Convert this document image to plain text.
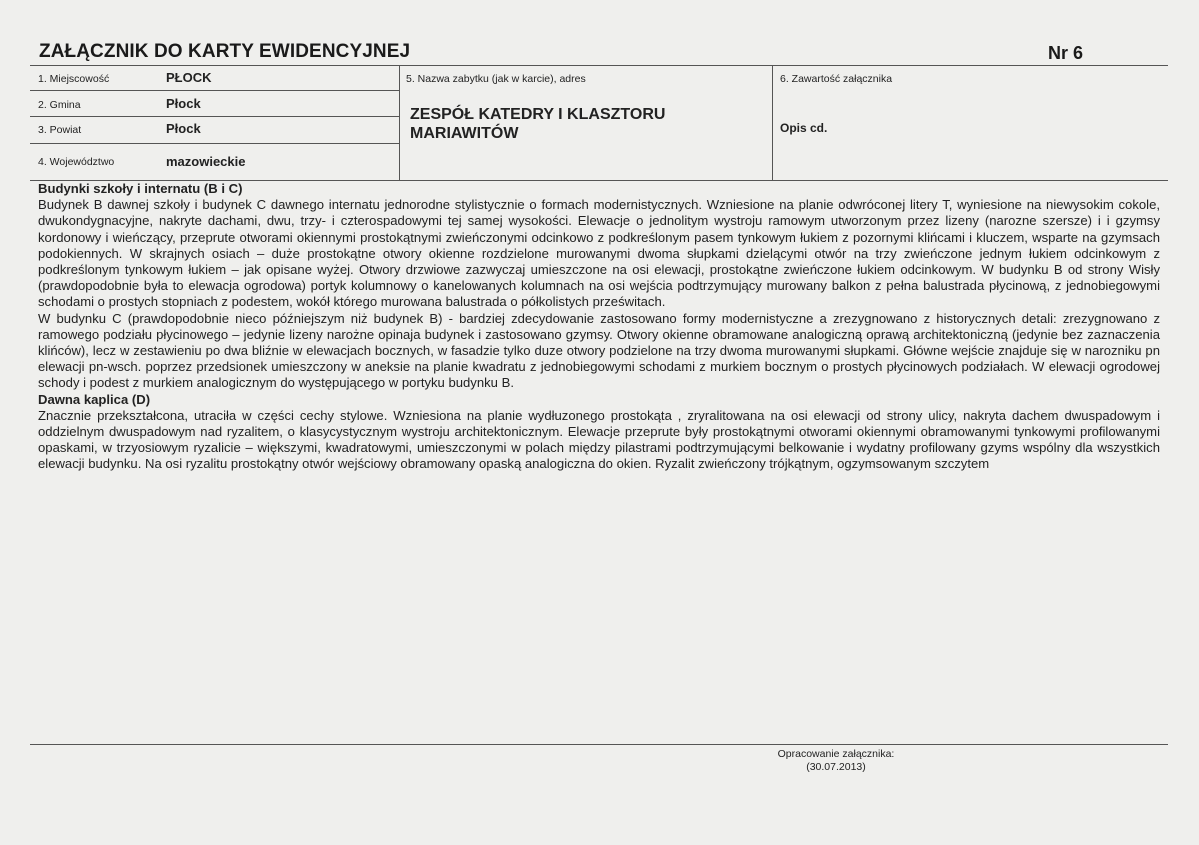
ZAŁĄCZNIK DO KARTY EWIDENCYJNEJ	Nr 6
1. Miejscowość	PŁOCK
2. Gmina	Płock
3. Powiat	Płock
4. Województwo	mazowieckie
5. Nazwa zabytku (jak w karcie), adres
ZESPÓŁ KATEDRY I KLASZTORU MARIAWITÓW
6. Zawartość załącznika
Opis cd.
Budynki szkoły i internatu (B i C)

Budynek B dawnej szkoły i budynek C dawnego internatu jednorodne stylistycznie o formach modernistycznych. Wzniesione na planie odwróconej litery T, wyniesione na niewysokim cokole, dwukondygnacyjne, nakryte dachami, dwu, trzy- i czterospadowymi tej samej wysokości. Elewacje o jednolitym wystroju ramowym utworzonym przez lizeny (narozne szersze) i i gzymsy kordonowy i wieńczący, przeprute otworami okiennymi prostokątnymi zwieńczonymi odcinkowo z podkreślonym pasem tynkowym łukiem z pozornymi klińcami i kluczem, wsparte na gzymsach podokiennych. W skrajnych osiach – duże prostokątne otwory okienne rozdzielone murowanymi dwoma słupkami dzielącymi otwór na trzy zwieńczone jednym łukiem odcinkowym z podkreślonym tynkowym łukiem – jak opisane wyżej. Otwory drzwiowe zazwyczaj umieszczone na osi elewacji, prostokątne zwieńczone łukiem odcinkowym. W budynku B od strony Wisły (prawdopodobnie była to elewacja ogrodowa) portyk kolumnowy o kanelowanych kolumnach na osi wejścia podtrzymujący murowany balkon z pełna balustrada płycinową, z jednobiegowymi schodami o prostych stopniach z podestem, wokół którego murowana balustrada o półkolistych prześwitach.

W budynku C (prawdopodobnie nieco późniejszym niż budynek B) - bardziej zdecydowanie zastosowano formy modernistyczne a zrezygnowano z historycznych detali: zrezygnowano z ramowego podziału płycinowego – jedynie lizeny narożne opinaja budynek i zastosowano gzymsy. Otwory okienne obramowane analogiczną oprawą architektoniczną (jedynie bez zaznaczenia klińców), lecz w zestawieniu po dwa bliźnie w elewacjach bocznych, w fasadzie tylko duze otwory podzielone na trzy dwoma murowanymi słupkami. Główne wejście znajduje się w narozniku pn elewacji pn-wsch. poprzez przedsionek umieszczony w aneksie na planie kwadratu z jednobiegowymi schodami z murkiem bocznym o prostych płycinowych podziałach. W elewacji ogrodowej schody i podest z murkiem analogicznym do występującego w portyku budynku B.

Dawna kaplica (D)

Znacznie przekształcona, utraciła w części cechy stylowe. Wzniesiona na planie wydłuzonego prostokąta , zryralitowana na osi elewacji od strony ulicy, nakryta dachem dwuspadowym i oddzielnym dwuspadowym nad ryzalitem, o klasycystycznym wystroju architektonicznym. Elewacje przeprute były prostokątnymi otworami okiennymi obramowanymi tynkowymi profilowanymi opaskami, w trzyosiowym ryzalicie – większymi, kwadratowymi, umieszczonymi w polach między pilastrami podtrzymującymi belkowanie i wydatny profilowany gzyms wspólny dla wszystkich elewacji budynku. Na osi ryzalitu prostokątny otwór wejściowy obramowany opaską analogiczna do okien. Ryzalit zwieńczony trójkątnym, ogzymsowanym szczytem

Opracowanie załącznika:
(30.07.2013)
